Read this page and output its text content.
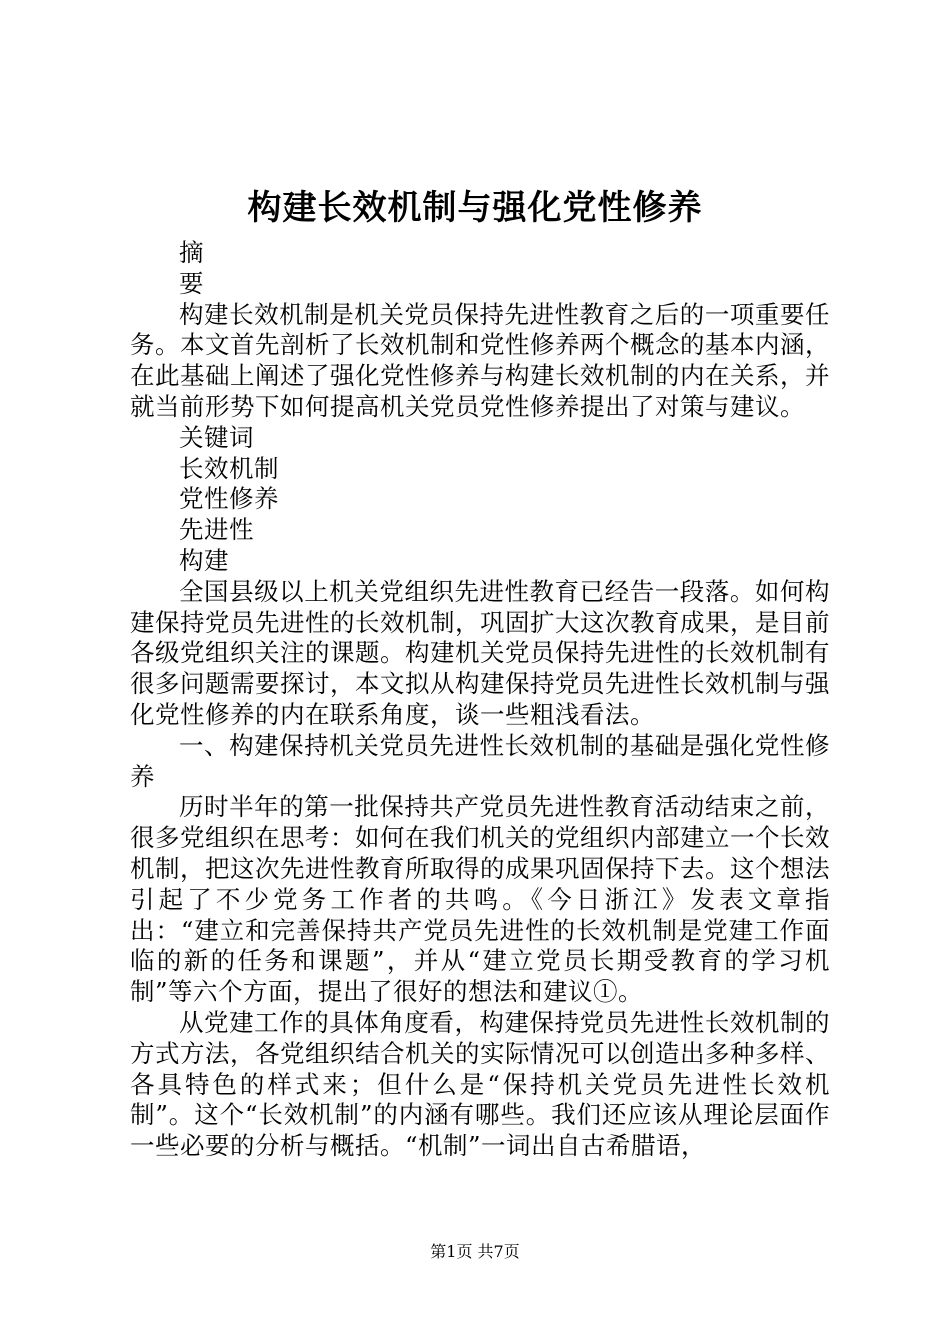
构建长效机制与强化党性修养

摘

要

构建长效机制是机关党员保持先进性教育之后的一项重要任务。本文首先剖析了长效机制和党性修养两个概念的基本内涵，在此基础上阐述了强化党性修养与构建长效机制的内在关系，并就当前形势下如何提高机关党员党性修养提出了对策与建议。

关键词

长效机制

党性修养

先进性

构建

全国县级以上机关党组织先进性教育已经告一段落。如何构建保持党员先进性的长效机制，巩固扩大这次教育成果，是目前各级党组织关注的课题。构建机关党员保持先进性的长效机制有很多问题需要探讨，本文拟从构建保持党员先进性长效机制与强化党性修养的内在联系角度，谈一些粗浅看法。

一、构建保持机关党员先进性长效机制的基础是强化党性修养

历时半年的第一批保持共产党员先进性教育活动结束之前，很多党组织在思考：如何在我们机关的党组织内部建立一个长效机制，把这次先进性教育所取得的成果巩固保持下去。这个想法引起了不少党务工作者的共鸣。《今日浙江》发表文章指出：“建立和完善保持共产党员先进性的长效机制是党建工作面临的新的任务和课题”，并从“建立党员长期受教育的学习机制”等六个方面，提出了很好的想法和建议①。

从党建工作的具体角度看，构建保持党员先进性长效机制的方式方法，各党组织结合机关的实际情况可以创造出多种多样、各具特色的样式来；但什么是“保持机关党员先进性长效机制”。这个“长效机制”的内涵有哪些。我们还应该从理论层面作一些必要的分析与概括。“机制”一词出自古希腊语，

第1页 共7页
